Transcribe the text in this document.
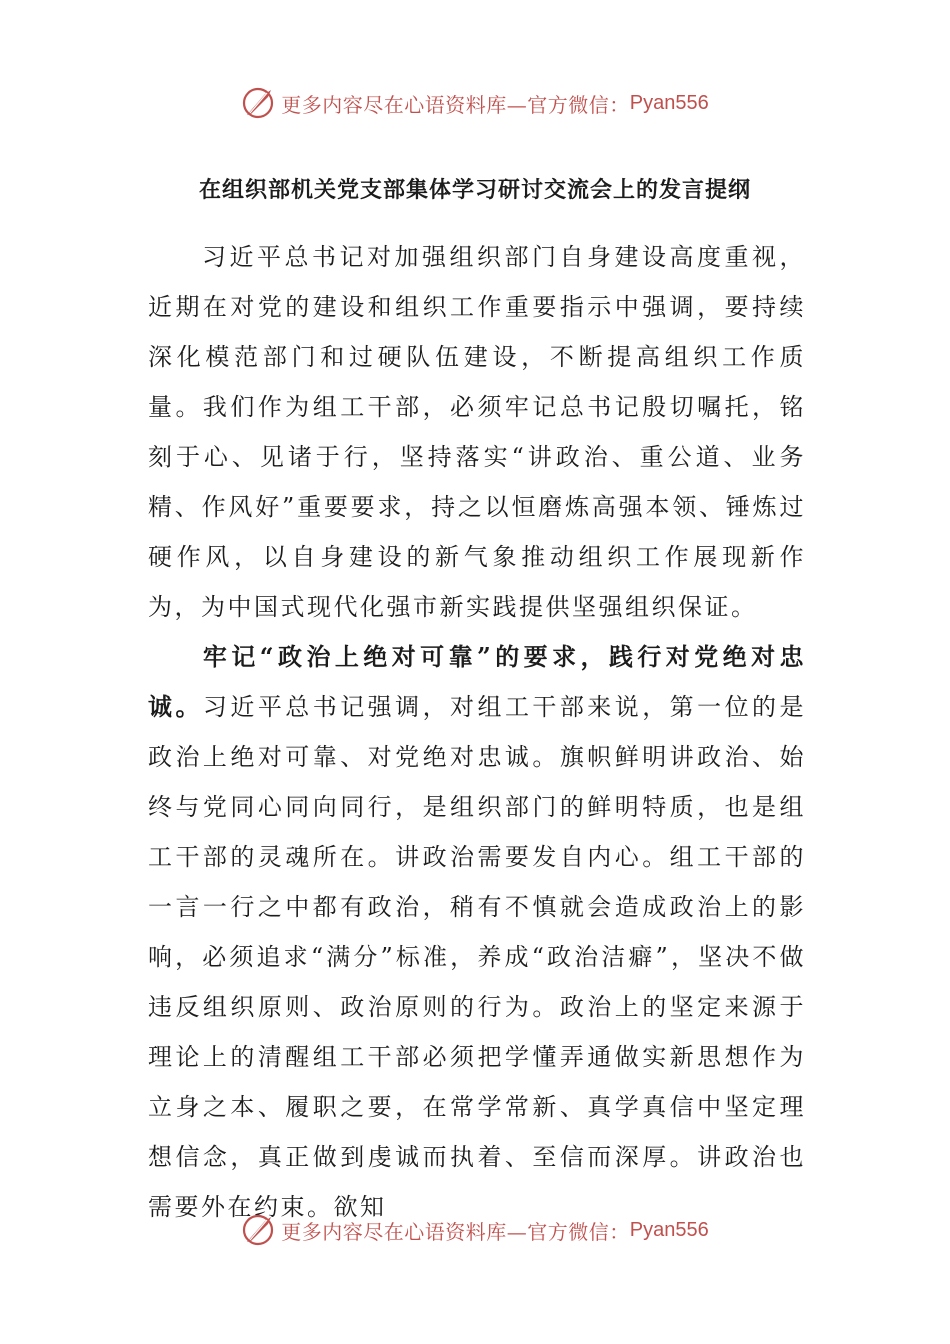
更多内容尽在心语资料库—官方微信： Pyan556
在组织部机关党支部集体学习研讨交流会上的发言提纲

习近平总书记对加强组织部门自身建设高度重视，近期在对党的建设和组织工作重要指示中强调，要持续深化模范部门和过硬队伍建设，不断提高组织工作质量。我们作为组工干部，必须牢记总书记殷切嘱托，铭刻于心、见诸于行，坚持落实“讲政治、重公道、业务精、作风好”重要要求，持之以恒磨炼高强本领、锤炼过硬作风，以自身建设的新气象推动组织工作展现新作为，为中国式现代化强市新实践提供坚强组织保证。

牢记“政治上绝对可靠”的要求，践行对党绝对忠诚。习近平总书记强调，对组工干部来说，第一位的是政治上绝对可靠、对党绝对忠诚。旗帜鲜明讲政治、始终与党同心同向同行，是组织部门的鲜明特质，也是组工干部的灵魂所在。讲政治需要发自内心。组工干部的一言一行之中都有政治，稍有不慎就会造成政治上的影响，必须追求“满分”标准，养成“政治洁癖”，坚决不做违反组织原则、政治原则的行为。政治上的坚定来源于理论上的清醒组工干部必须把学懂弄通做实新思想作为立身之本、履职之要，在常学常新、真学真信中坚定理想信念，真正做到虔诚而执着、至信而深厚。讲政治也需要外在约束。欲知

更多内容尽在心语资料库—官方微信： Pyan556
